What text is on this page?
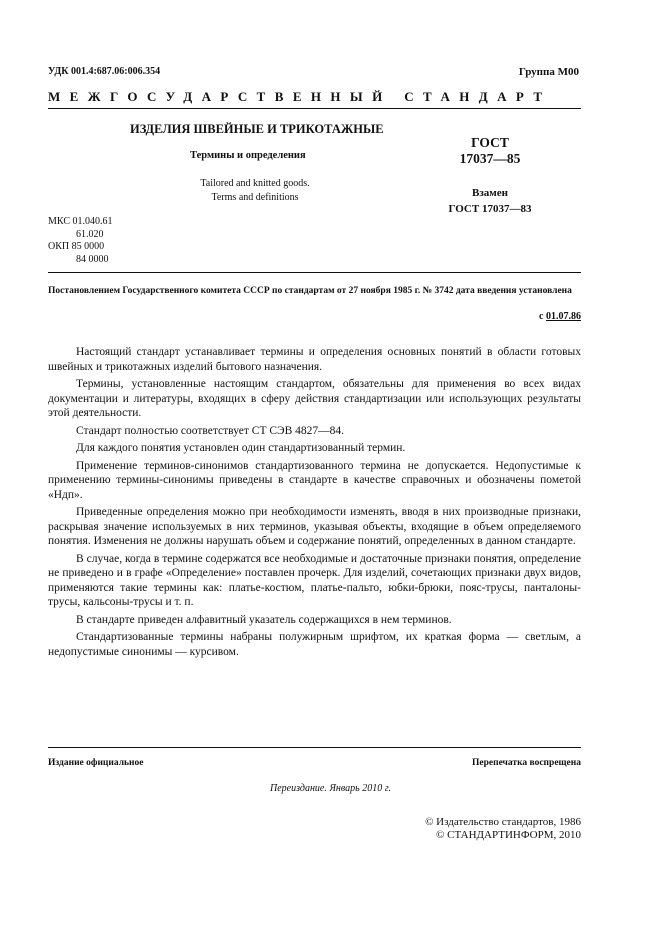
УДК 001.4:687.06:006.354	Группа М00
МЕЖГОСУДАРСТВЕННЫЙ СТАНДАРТ
ИЗДЕЛИЯ ШВЕЙНЫЕ И ТРИКОТАЖНЫЕ
Термины и определения
Tailored and knitted goods.
Terms and definitions
ГОСТ
17037—85
Взамен
ГОСТ 17037—83
МКС 01.040.61
61.020
ОКП 85 0000
84 0000
Постановлением Государственного комитета СССР по стандартам от 27 ноября 1985 г. № 3742 дата введения установлена
с 01.07.86

Настоящий стандарт устанавливает термины и определения основных понятий в области готовых швейных и трикотажных изделий бытового назначения.

Термины, установленные настоящим стандартом, обязательны для применения во всех видах документации и литературы, входящих в сферу действия стандартизации или использующих результаты этой деятельности.

Стандарт полностью соответствует СТ СЭВ 4827—84.

Для каждого понятия установлен один стандартизованный термин.

Применение терминов-синонимов стандартизованного термина не допускается. Недопустимые к применению термины-синонимы приведены в стандарте в качестве справочных и обозначены пометой «Ндп».

Приведенные определения можно при необходимости изменять, вводя в них производные признаки, раскрывая значение используемых в них терминов, указывая объекты, входящие в объем определяемого понятия. Изменения не должны нарушать объем и содержание понятий, определенных в данном стандарте.

В случае, когда в термине содержатся все необходимые и достаточные признаки понятия, определение не приведено и в графе «Определение» поставлен прочерк. Для изделий, сочетающих признаки двух видов, применяются такие термины как: платье-костюм, платье-пальто, юбки-брюки, пояс-трусы, панталоны-трусы, кальсоны-трусы и т. п.

В стандарте приведен алфавитный указатель содержащихся в нем терминов.

Стандартизованные термины набраны полужирным шрифтом, их краткая форма — светлым, а недопустимые синонимы — курсивом.

Издание официальное	Перепечатка воспрещена
Переиздание. Январь 2010 г.
© Издательство стандартов, 1986
© СТАНДАРТИНФОРМ, 2010
